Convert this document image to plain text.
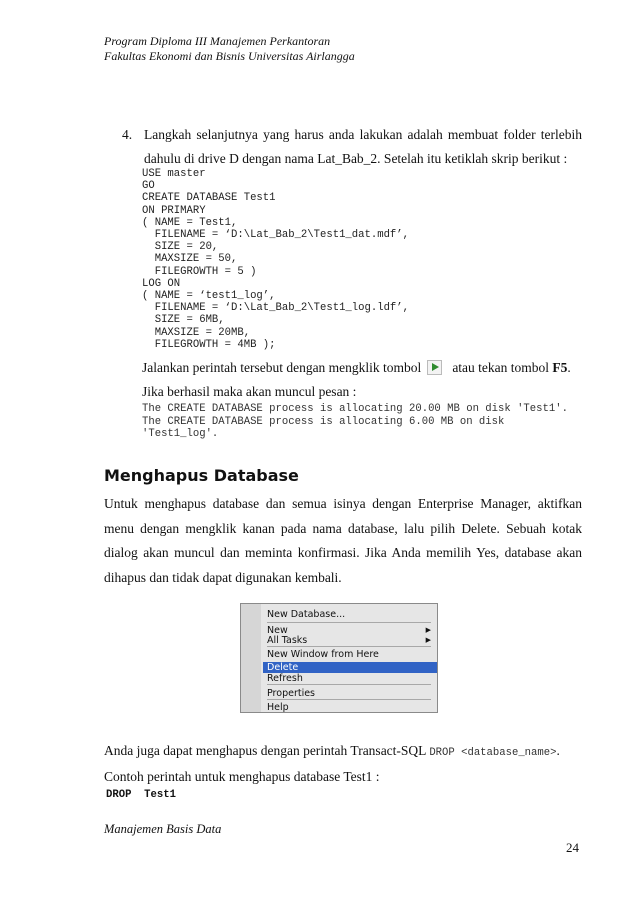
Program Diploma III Manajemen Perkantoran
Fakultas Ekonomi dan Bisnis Universitas Airlangga
4. Langkah selanjutnya yang harus anda lakukan adalah membuat folder terlebih dahulu di drive D dengan nama Lat_Bab_2. Setelah itu ketiklah skrip berikut :
USE master
GO
CREATE DATABASE Test1
ON PRIMARY
( NAME = Test1,
FILENAME = ‘D:\Lat_Bab_2\Test1_dat.mdf’,
SIZE = 20,
MAXSIZE = 50,
FILEGROWTH = 5 )
LOG ON
( NAME = ‘test1_log’,
FILENAME = ‘D:\Lat_Bab_2\Test1_log.ldf’,
SIZE = 6MB,
MAXSIZE = 20MB,
FILEGROWTH = 4MB );
Jalankan perintah tersebut dengan mengklik tombol atau tekan tombol F5. Jika berhasil maka akan muncul pesan :
The CREATE DATABASE process is allocating 20.00 MB on disk 'Test1'.
The CREATE DATABASE process is allocating 6.00 MB on disk
'Test1_log'.
Menghapus Database

Untuk menghapus database dan semua isinya dengan Enterprise Manager, aktifkan menu dengan mengklik kanan pada nama database, lalu pilih Delete. Sebuah kotak dialog akan muncul dan meminta konfirmasi. Jika Anda memilih Yes, database akan dihapus dan tidak dapat digunakan kembali.

New Database...
New	▶
All Tasks	▶
New Window from Here
Delete
Refresh
Properties
Help

Anda juga dapat menghapus dengan perintah Transact-SQL DROP <database_name>.
Contoh perintah untuk menghapus database Test1 :

DROP  Test1
Manajemen Basis Data
24
